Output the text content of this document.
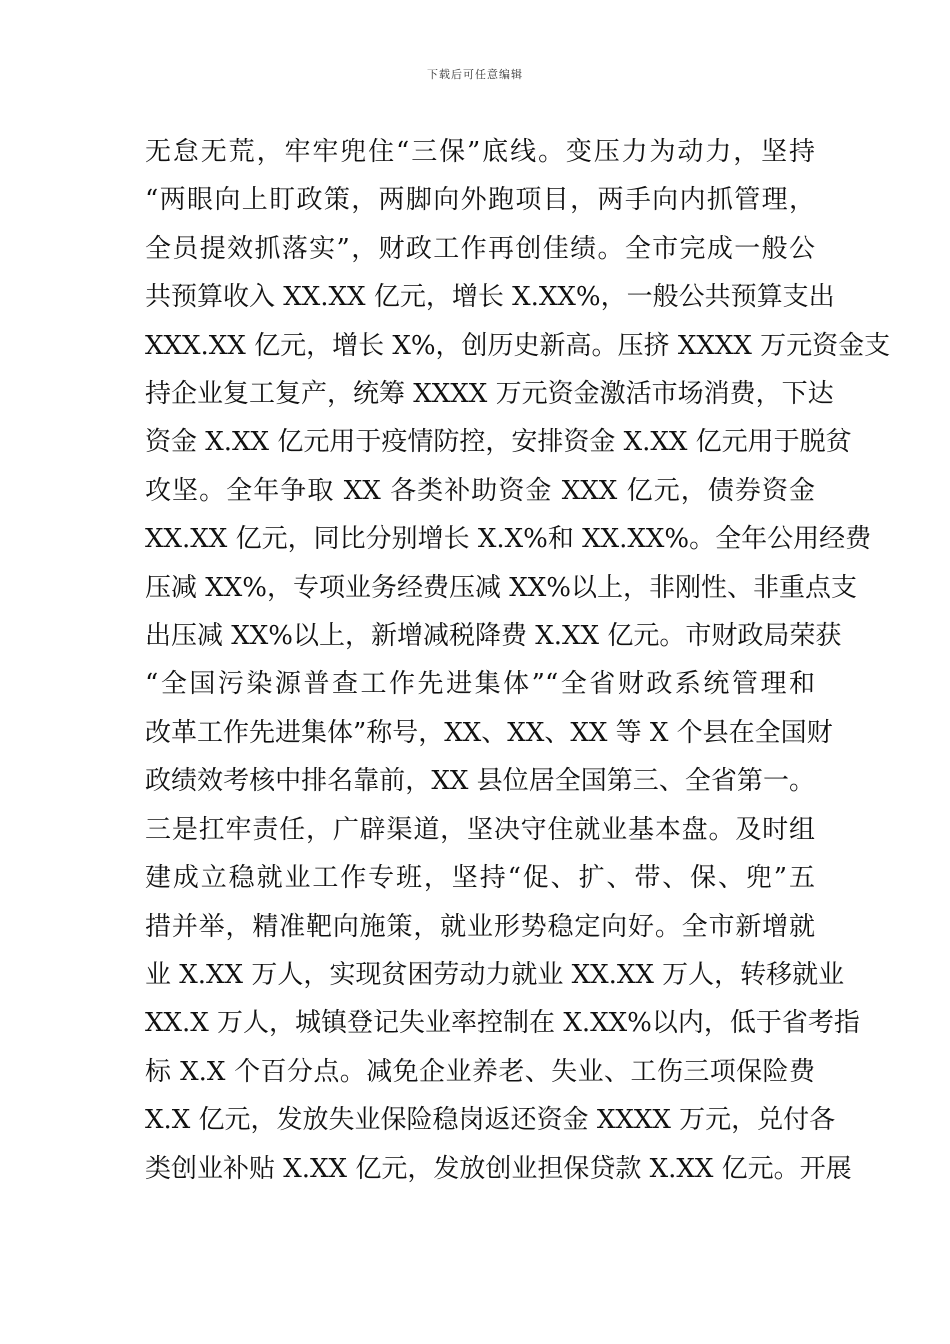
下载后可任意编辑
无怠无荒，牢牢兜住“三保”底线。变压力为动力，坚持
“两眼向上盯政策，两脚向外跑项目，两手向内抓管理，
全员提效抓落实”，财政工作再创佳绩。全市完成一般公
共预算收入 XX.XX 亿元，增长 X.XX%，一般公共预算支出
XXX.XX 亿元，增长 X%，创历史新高。压挤 XXXX 万元资金支
持企业复工复产，统筹 XXXX 万元资金激活市场消费，下达
资金 X.XX 亿元用于疫情防控，安排资金 X.XX 亿元用于脱贫
攻坚。全年争取 XX 各类补助资金 XXX 亿元，债券资金
XX.XX 亿元，同比分别增长 X.X%和 XX.XX%。全年公用经费
压减 XX%，专项业务经费压减 XX%以上，非刚性、非重点支
出压减 XX%以上，新增减税降费 X.XX 亿元。市财政局荣获
“全国污染源普查工作先进集体”“全省财政系统管理和
改革工作先进集体”称号，XX、XX、XX 等 X 个县在全国财
政绩效考核中排名靠前，XX 县位居全国第三、全省第一。
三是扛牢责任，广辟渠道，坚决守住就业基本盘。及时组
建成立稳就业工作专班，坚持“促、扩、带、保、兜”五
措并举，精准靶向施策，就业形势稳定向好。全市新增就
业 X.XX 万人，实现贫困劳动力就业 XX.XX 万人，转移就业
XX.X 万人，城镇登记失业率控制在 X.XX%以内，低于省考指
标 X.X 个百分点。减免企业养老、失业、工伤三项保险费
X.X 亿元，发放失业保险稳岗返还资金 XXXX 万元，兑付各
类创业补贴 X.XX 亿元，发放创业担保贷款 X.XX 亿元。开展
